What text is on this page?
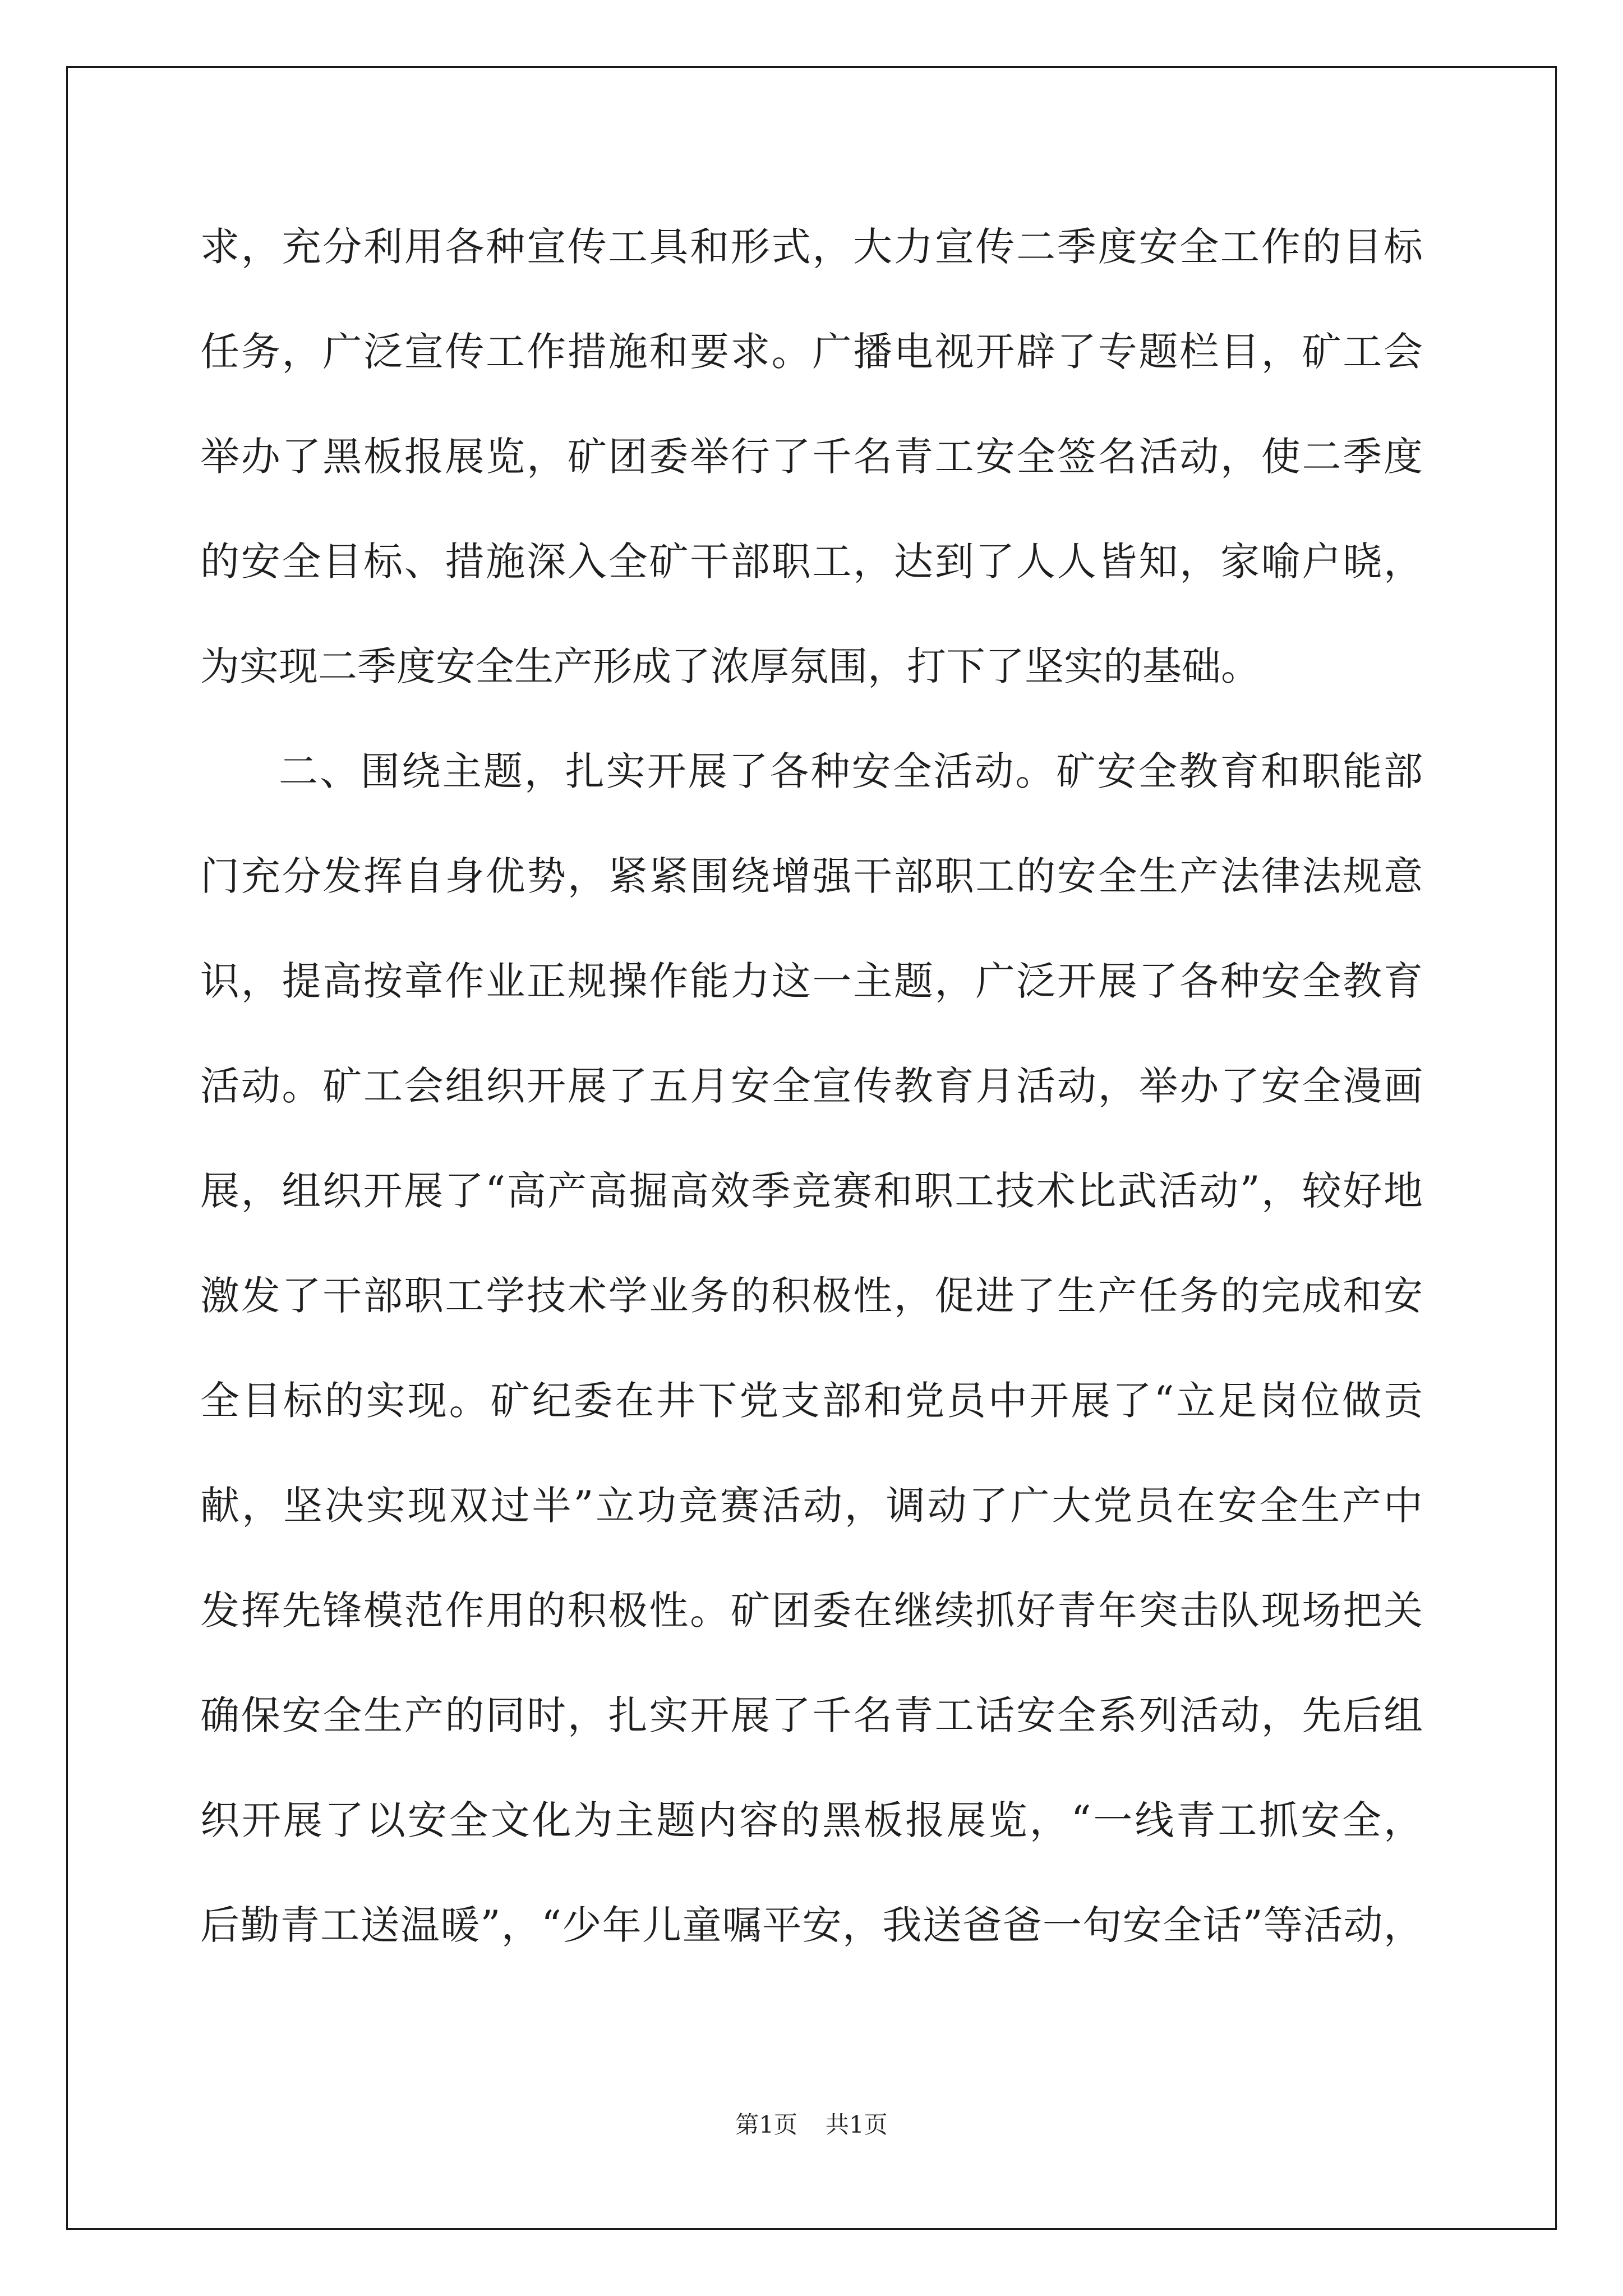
求，充分利用各种宣传工具和形式，大力宣传二季度安全工作的目标

任务，广泛宣传工作措施和要求。广播电视开辟了专题栏目，矿工会

举办了黑板报展览，矿团委举行了千名青工安全签名活动，使二季度

的安全目标、措施深入全矿干部职工，达到了人人皆知，家喻户晓，

为实现二季度安全生产形成了浓厚氛围，打下了坚实的基础。

二、围绕主题，扎实开展了各种安全活动。矿安全教育和职能部

门充分发挥自身优势，紧紧围绕增强干部职工的安全生产法律法规意

识，提高按章作业正规操作能力这一主题，广泛开展了各种安全教育

活动。矿工会组织开展了五月安全宣传教育月活动，举办了安全漫画

展，组织开展了“高产高掘高效季竞赛和职工技术比武活动”，较好地

激发了干部职工学技术学业务的积极性，促进了生产任务的完成和安

全目标的实现。矿纪委在井下党支部和党员中开展了“立足岗位做贡

献，坚决实现双过半”立功竞赛活动，调动了广大党员在安全生产中

发挥先锋模范作用的积极性。矿团委在继续抓好青年突击队现场把关

确保安全生产的同时，扎实开展了千名青工话安全系列活动，先后组

织开展了以安全文化为主题内容的黑板报展览，“一线青工抓安全，

后勤青工送温暖”，“少年儿童嘱平安，我送爸爸一句安全话”等活动，

第1页 共1页
